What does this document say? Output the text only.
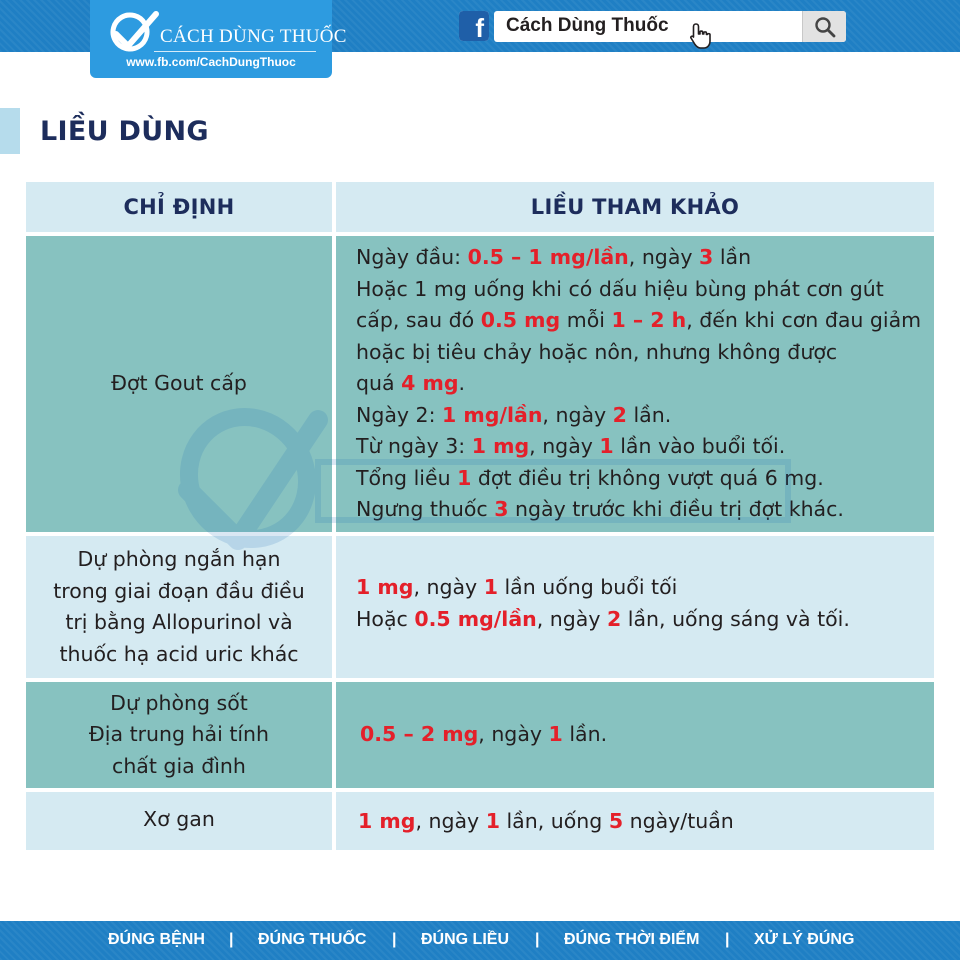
CÁCH DÙNG THUỐC
www.fb.com/CachDungThuoc
f Cách Dùng Thuốc
LIỀU DÙNG
CHỈ ĐỊNH	LIỀU THAM KHẢO
Đợt Gout cấp
Ngày đầu: 0.5 – 1 mg/lần, ngày 3 lần
Hoặc 1 mg uống khi có dấu hiệu bùng phát cơn gút
cấp, sau đó 0.5 mg mỗi 1 – 2 h, đến khi cơn đau giảm
hoặc bị tiêu chảy hoặc nôn, nhưng không được
quá 4 mg.
Ngày 2: 1 mg/lần, ngày 2 lần.
Từ ngày 3: 1 mg, ngày 1 lần vào buổi tối.
Tổng liều 1 đợt điều trị không vượt quá 6 mg.
Ngưng thuốc 3 ngày trước khi điều trị đợt khác.
Dự phòng ngắn hạn
trong giai đoạn đầu điều
trị bằng Allopurinol và
thuốc hạ acid uric khác
1 mg, ngày 1 lần uống buổi tối
Hoặc 0.5 mg/lần, ngày 2 lần, uống sáng và tối.
Dự phòng sốt
Địa trung hải tính
chất gia đình
0.5 – 2 mg, ngày 1 lần.
Xơ gan	1 mg, ngày 1 lần, uống 5 ngày/tuần
ĐÚNG BỆNH | ĐÚNG THUỐC | ĐÚNG LIỀU | ĐÚNG THỜI ĐIỂM | XỬ LÝ ĐÚNG
